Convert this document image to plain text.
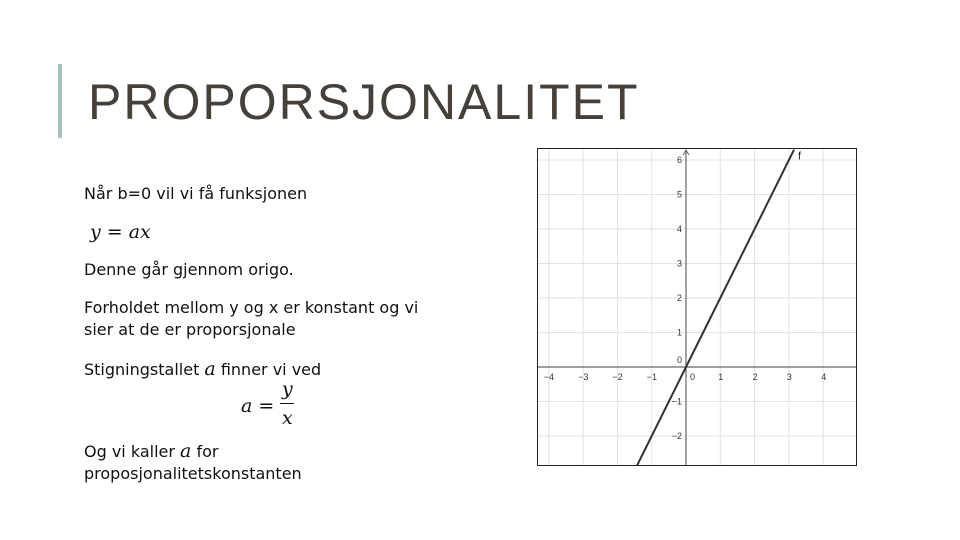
PROPORSJONALITET
Når b=0 vil vi få funksjonen
y = ax
Denne går gjennom origo.
Forholdet mellom y og x er konstant og vi
sier at de er proporsjonale
Stigningstallet a finner vi ved
a =
y
x
Og vi kaller a for
proposjonalitetskonstanten
−4	−3	−2	−1	0	1	2	3	4
−2
−1
0
1
2
3
4
5
6	f
